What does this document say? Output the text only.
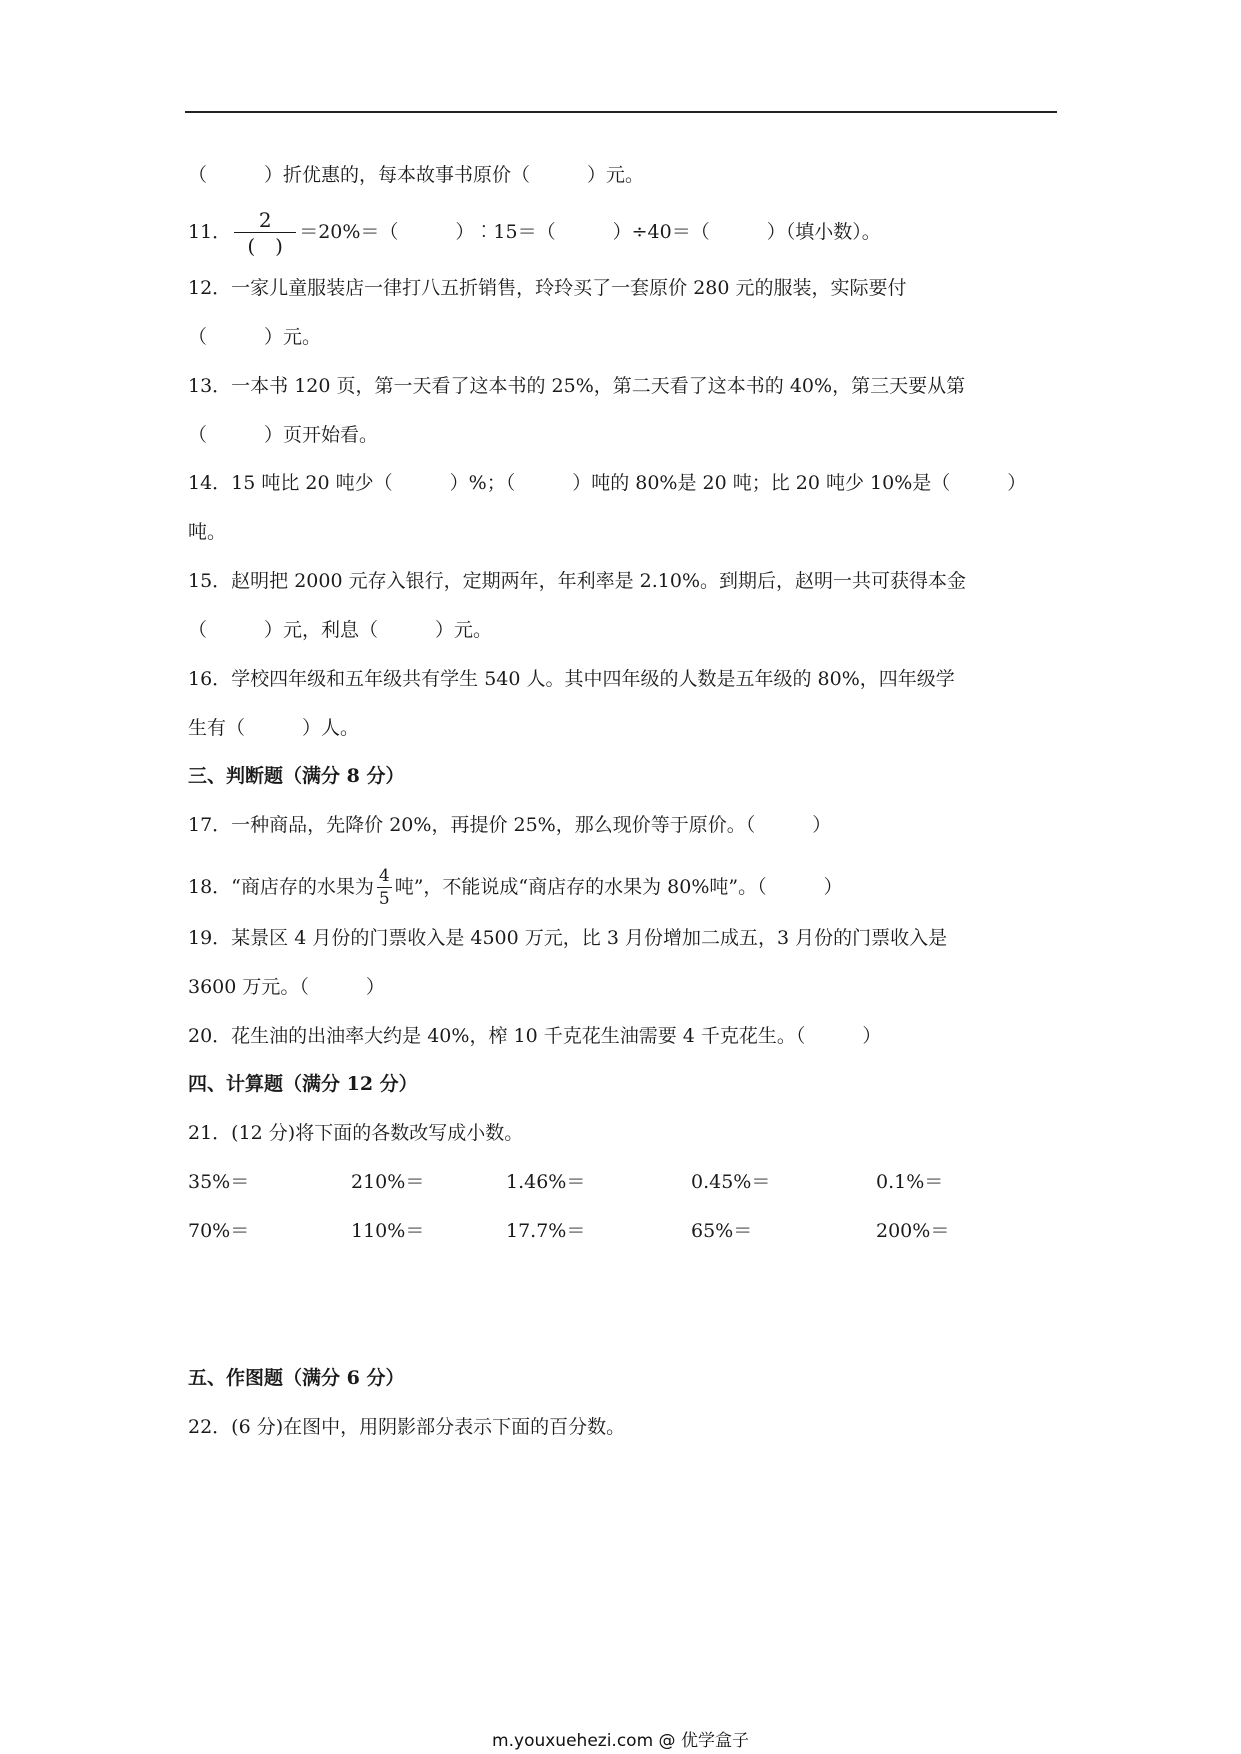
（　　　）折优惠的，每本故事书原价（　　　）元。
11． $\frac{2}{( )} =20\%=$（　　　）︰15＝（　　　）÷40＝（　　　）（填小数）。
12．一家儿童服装店一律打八五折销售，玲玲买了一套原价 280 元的服装，实际要付
（　　　）元。
13．一本书 120 页，第一天看了这本书的 25%，第二天看了这本书的 40%，第三天要从第
（　　　）页开始看。
14．15 吨比 20 吨少（　　　）%；（　　　）吨的 80%是 20 吨；比 20 吨少 10%是（　　　）
吨。
15．赵明把 2000 元存入银行，定期两年，年利率是 2.10%。到期后，赵明一共可获得本金
（　　　）元，利息（　　　）元。
16．学校四年级和五年级共有学生 540 人。其中四年级的人数是五年级的 80%，四年级学
生有（　　　）人。
三、判断题（满分 8 分）
17．一种商品，先降价 20%，再提价 25%，那么现价等于原价。（　　　）
18．“商店存的水果为 $\frac{4}{5}$ 吨”，不能说成“商店存的水果为 80%吨”。（　　　）
19．某景区 4 月份的门票收入是 4500 万元，比 3 月份增加二成五，3 月份的门票收入是
3600 万元。（　　　）
20．花生油的出油率大约是 40%，榨 10 千克花生油需要 4 千克花生。（　　　）
四、计算题（满分 12 分）
21．(12 分)将下面的各数改写成小数。
35%＝	210%＝	1.46%＝	0.45%＝	0.1%＝
70%＝	110%＝	17.7%＝	65%＝	200%＝
五、作图题（满分 6 分）
22．(6 分)在图中，用阴影部分表示下面的百分数。
m.youxuehezi.com @ 优学盒子
